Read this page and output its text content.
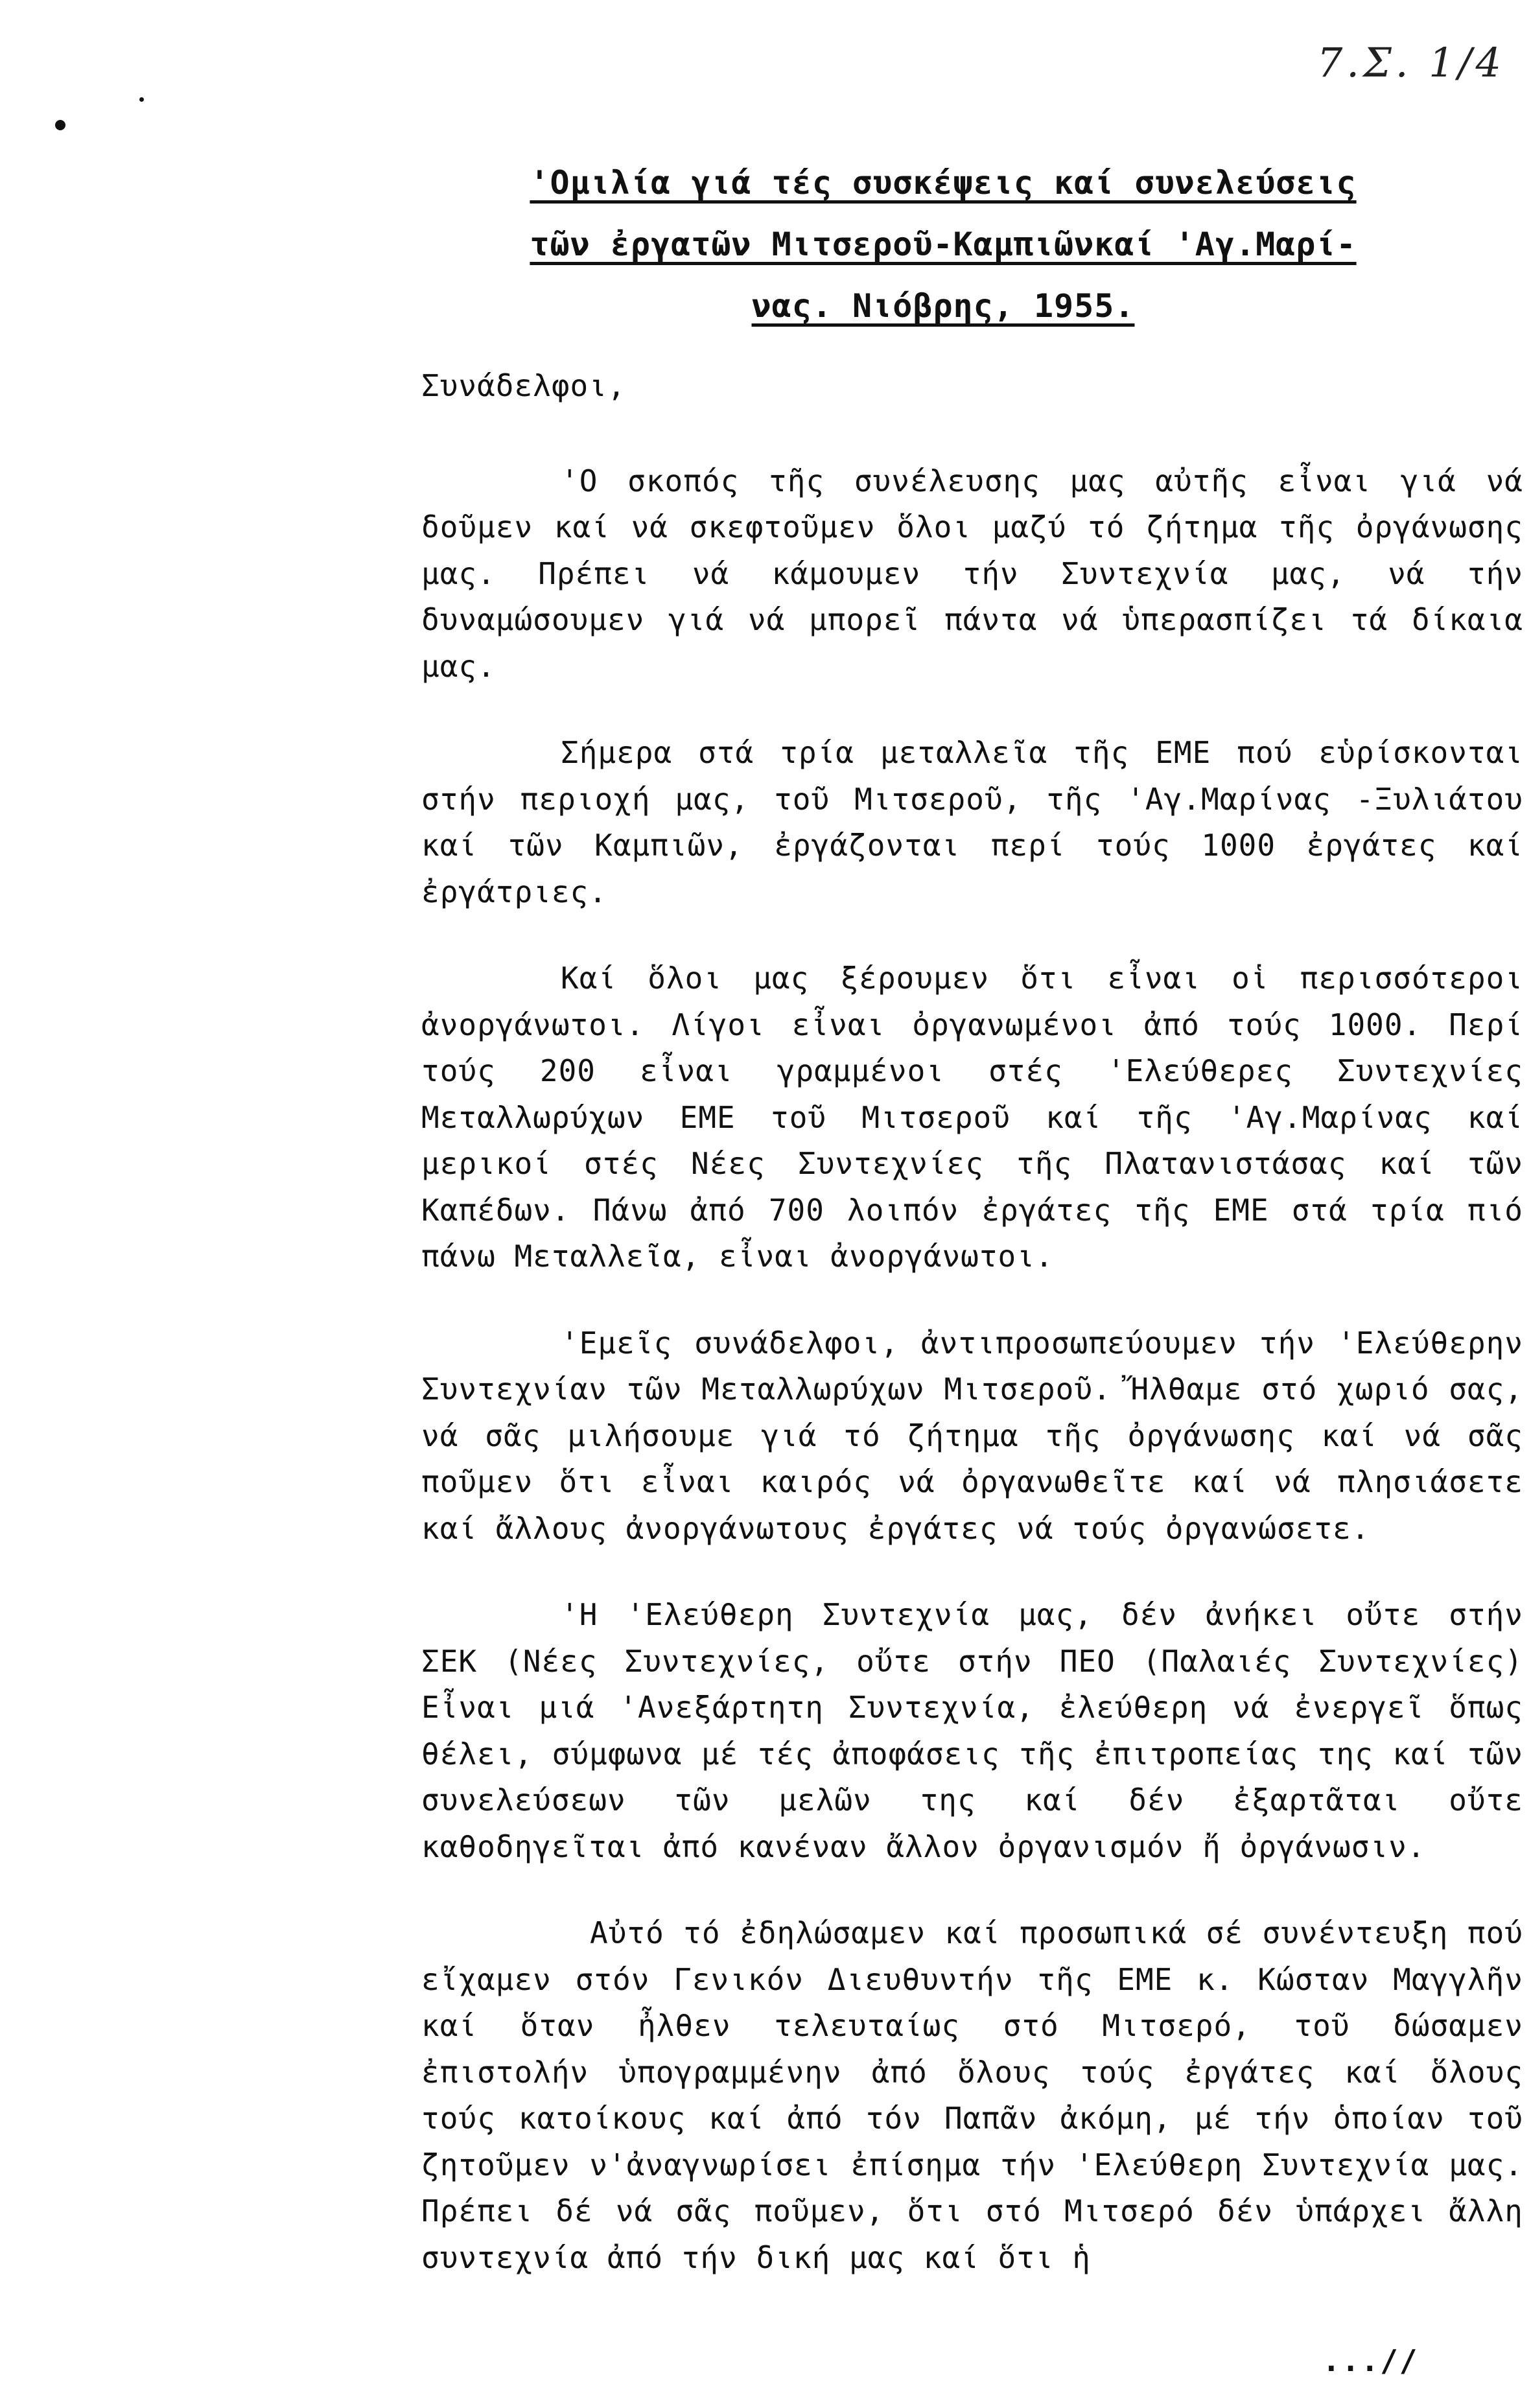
7.Σ. 1/4
'Ομιλία γιά τές συσκέψεις καί συνελεύσεις
τῶν ἐργατῶν Μιτσεροῦ-Καμπιῶνκαί 'Αγ.Μαρί-
νας. Νιόβρης, 1955.

Συνάδελφοι,

'Ο σκοπός τῆς συνέλευσης μας αὐτῆς εἶναι γιά νά δοῦμεν καί νά σκεφτοῦμεν ὅλοι μαζύ τό ζήτημα τῆς ὀργάνωσης μας. Πρέπει νά κάμουμεν τήν Συντεχνία μας, νά τήν δυναμώσουμεν γιά νά μπορεῖ πάντα νά ὑπερασπίζει τά δίκαια μας.

Σήμερα στά τρία μεταλλεῖα τῆς ΕΜΕ πού εὑρίσκονται στήν περιοχή μας, τοῦ Μιτσεροῦ, τῆς 'Αγ.Μαρίνας -Ξυλιάτου καί τῶν Καμπιῶν, ἐργάζονται περί τούς 1000 ἐργάτες καί ἐργάτριες.

Καί ὅλοι μας ξέρουμεν ὅτι εἶναι οἱ περισσότεροι ἀνοργάνωτοι. Λίγοι εἶναι ὀργανωμένοι ἀπό τούς 1000. Περί τούς 200 εἶναι γραμμένοι στές 'Ελεύθερες Συντεχνίες Μεταλλωρύχων ΕΜΕ τοῦ Μιτσεροῦ καί τῆς 'Αγ.Μαρίνας καί μερικοί στές Νέες Συντεχνίες τῆς Πλατανιστάσας καί τῶν Καπέδων. Πάνω ἀπό 700 λοιπόν ἐργάτες τῆς ΕΜΕ στά τρία πιό πάνω Μεταλλεῖα, εἶναι ἀνοργάνωτοι.

'Εμεῖς συνάδελφοι, ἀντιπροσωπεύουμεν τήν 'Ελεύθερην Συντεχνίαν τῶν Μεταλλωρύχων Μιτσεροῦ. Ἤλθαμε στό χωριό σας, νά σᾶς μιλήσουμε γιά τό ζήτημα τῆς ὀργάνωσης καί νά σᾶς ποῦμεν ὅτι εἶναι καιρός νά ὀργανωθεῖτε καί νά πλησιάσετε καί ἄλλους ἀνοργάνωτους ἐργάτες νά τούς ὀργανώσετε.

'Η 'Ελεύθερη Συντεχνία μας, δέν ἀνήκει οὔτε στήν ΣΕΚ (Νέες Συντεχνίες, οὔτε στήν ΠΕΟ (Παλαιές Συντεχνίες) Εἶναι μιά 'Ανεξάρτητη Συντεχνία, ἐλεύθερη νά ἐνεργεῖ ὅπως θέλει, σύμφωνα μέ τές ἀποφάσεις τῆς ἐπιτροπείας της καί τῶν συνελεύσεων τῶν μελῶν της καί δέν ἐξαρτᾶται οὔτε καθοδηγεῖται ἀπό κανέναν ἄλλον ὀργανισμόν ἤ ὀργάνωσιν.

Αὐτό τό ἐδηλώσαμεν καί προσωπικά σέ συνέντευξη πού εἴχαμεν στόν Γενικόν Διευθυντήν τῆς ΕΜΕ κ. Κώσταν Μαγγλῆν καί ὅταν ἦλθεν τελευταίως στό Μιτσερό, τοῦ δώσαμεν ἐπιστολήν ὑπογραμμένην ἀπό ὅλους τούς ἐργάτες καί ὅλους τούς κατοίκους καί ἀπό τόν Παπᾶν ἀκόμη, μέ τήν ὁποίαν τοῦ ζητοῦμεν ν'ἀναγνωρίσει ἐπίσημα τήν 'Ελεύθερη Συντεχνία μας. Πρέπει δέ νά σᾶς ποῦμεν, ὅτι στό Μιτσερό δέν ὑπάρχει ἄλλη συντεχνία ἀπό τήν δική μας καί ὅτι ἡ

...//
